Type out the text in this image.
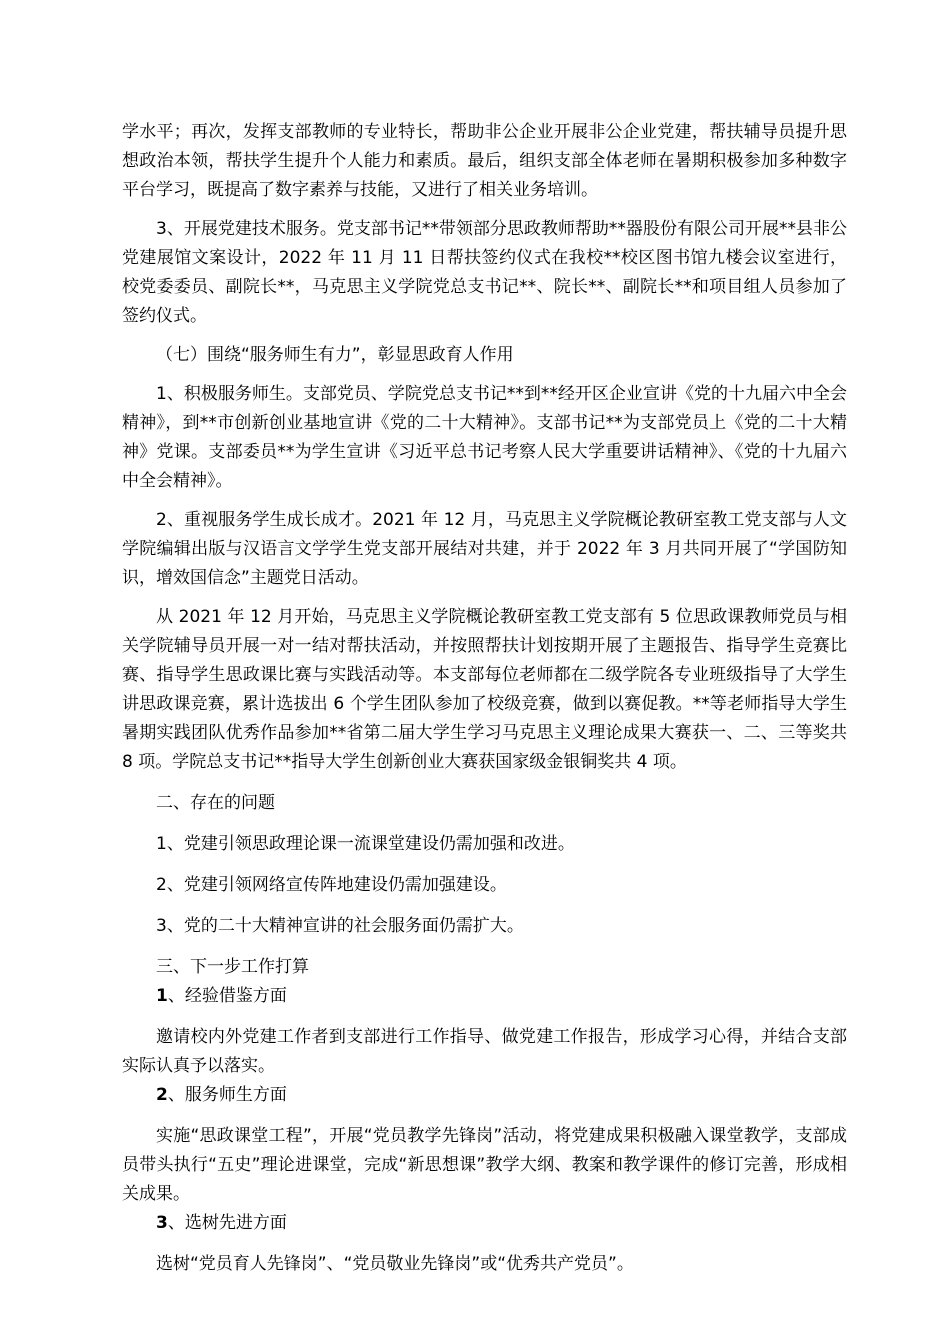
学水平；再次，发挥支部教师的专业特长，帮助非公企业开展非公企业党建，帮扶辅导员提升思想政治本领，帮扶学生提升个人能力和素质。最后，组织支部全体老师在暑期积极参加多种数字平台学习，既提高了数字素养与技能，又进行了相关业务培训。

3、开展党建技术服务。党支部书记**带领部分思政教师帮助**器股份有限公司开展**县非公党建展馆文案设计，2022 年 11 月 11 日帮扶签约仪式在我校**校区图书馆九楼会议室进行，校党委委员、副院长**，马克思主义学院党总支书记**、院长**、副院长**和项目组人员参加了签约仪式。

（七）围绕“服务师生有力”，彰显思政育人作用

1、积极服务师生。支部党员、学院党总支书记**到**经开区企业宣讲《党的十九届六中全会精神》，到**市创新创业基地宣讲《党的二十大精神》。支部书记**为支部党员上《党的二十大精神》党课。支部委员**为学生宣讲《习近平总书记考察人民大学重要讲话精神》、《党的十九届六中全会精神》。

2、重视服务学生成长成才。2021 年 12 月，马克思主义学院概论教研室教工党支部与人文学院编辑出版与汉语言文学学生党支部开展结对共建，并于 2022 年 3 月共同开展了“学国防知识，增效国信念”主题党日活动。

从 2021 年 12 月开始，马克思主义学院概论教研室教工党支部有 5 位思政课教师党员与相关学院辅导员开展一对一结对帮扶活动，并按照帮扶计划按期开展了主题报告、指导学生竞赛比赛、指导学生思政课比赛与实践活动等。本支部每位老师都在二级学院各专业班级指导了大学生讲思政课竞赛，累计选拔出 6 个学生团队参加了校级竞赛，做到以赛促教。**等老师指导大学生暑期实践团队优秀作品参加**省第二届大学生学习马克思主义理论成果大赛获一、二、三等奖共 8 项。学院总支书记**指导大学生创新创业大赛获国家级金银铜奖共 4 项。

二、存在的问题

1、党建引领思政理论课一流课堂建设仍需加强和改进。

2、党建引领网络宣传阵地建设仍需加强建设。

3、党的二十大精神宣讲的社会服务面仍需扩大。

三、下一步工作打算

1、经验借鉴方面

邀请校内外党建工作者到支部进行工作指导、做党建工作报告，形成学习心得，并结合支部实际认真予以落实。

2、服务师生方面

实施“思政课堂工程”，开展“党员教学先锋岗”活动，将党建成果积极融入课堂教学，支部成员带头执行“五史”理论进课堂，完成“新思想课”教学大纲、教案和教学课件的修订完善，形成相关成果。

3、选树先进方面

选树“党员育人先锋岗”、“党员敬业先锋岗”或“优秀共产党员”。
